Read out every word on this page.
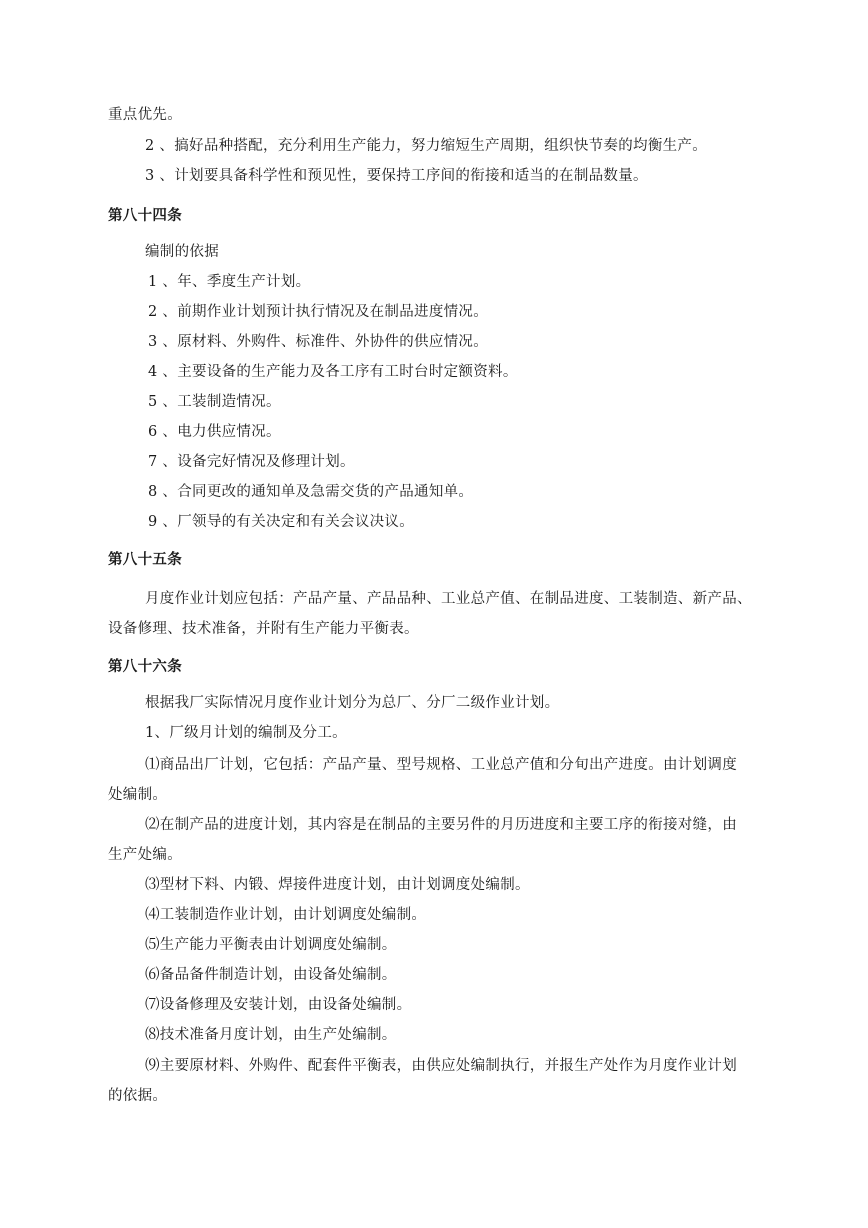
重点优先。
2 、搞好品种搭配，充分利用生产能力，努力缩短生产周期，组织快节奏的均衡生产。
3 、计划要具备科学性和预见性，要保持工序间的衔接和适当的在制品数量。
第八十四条
编制的依据
1 、年、季度生产计划。
2 、前期作业计划预计执行情况及在制品进度情况。
3 、原材料、外购件、标准件、外协件的供应情况。
4 、主要设备的生产能力及各工序有工时台时定额资料。
5 、工装制造情况。
6 、电力供应情况。
7 、设备完好情况及修理计划。
8 、合同更改的通知单及急需交货的产品通知单。
9 、厂领导的有关决定和有关会议决议。
第八十五条
月度作业计划应包括：产品产量、产品品种、工业总产值、在制品进度、工装制造、新产品、
设备修理、技术准备，并附有生产能力平衡表。
第八十六条
根据我厂实际情况月度作业计划分为总厂、分厂二级作业计划。
1、厂级月计划的编制及分工。
⑴商品出厂计划，它包括：产品产量、型号规格、工业总产值和分旬出产进度。由计划调度
处编制。
⑵在制产品的进度计划，其内容是在制品的主要另件的月历进度和主要工序的衔接对缝，由
生产处编。
⑶型材下料、内锻、焊接件进度计划，由计划调度处编制。
⑷工装制造作业计划，由计划调度处编制。
⑸生产能力平衡表由计划调度处编制。
⑹备品备件制造计划，由设备处编制。
⑺设备修理及安装计划，由设备处编制。
⑻技术准备月度计划，由生产处编制。
⑼主要原材料、外购件、配套件平衡表，由供应处编制执行，并报生产处作为月度作业计划
的依据。
